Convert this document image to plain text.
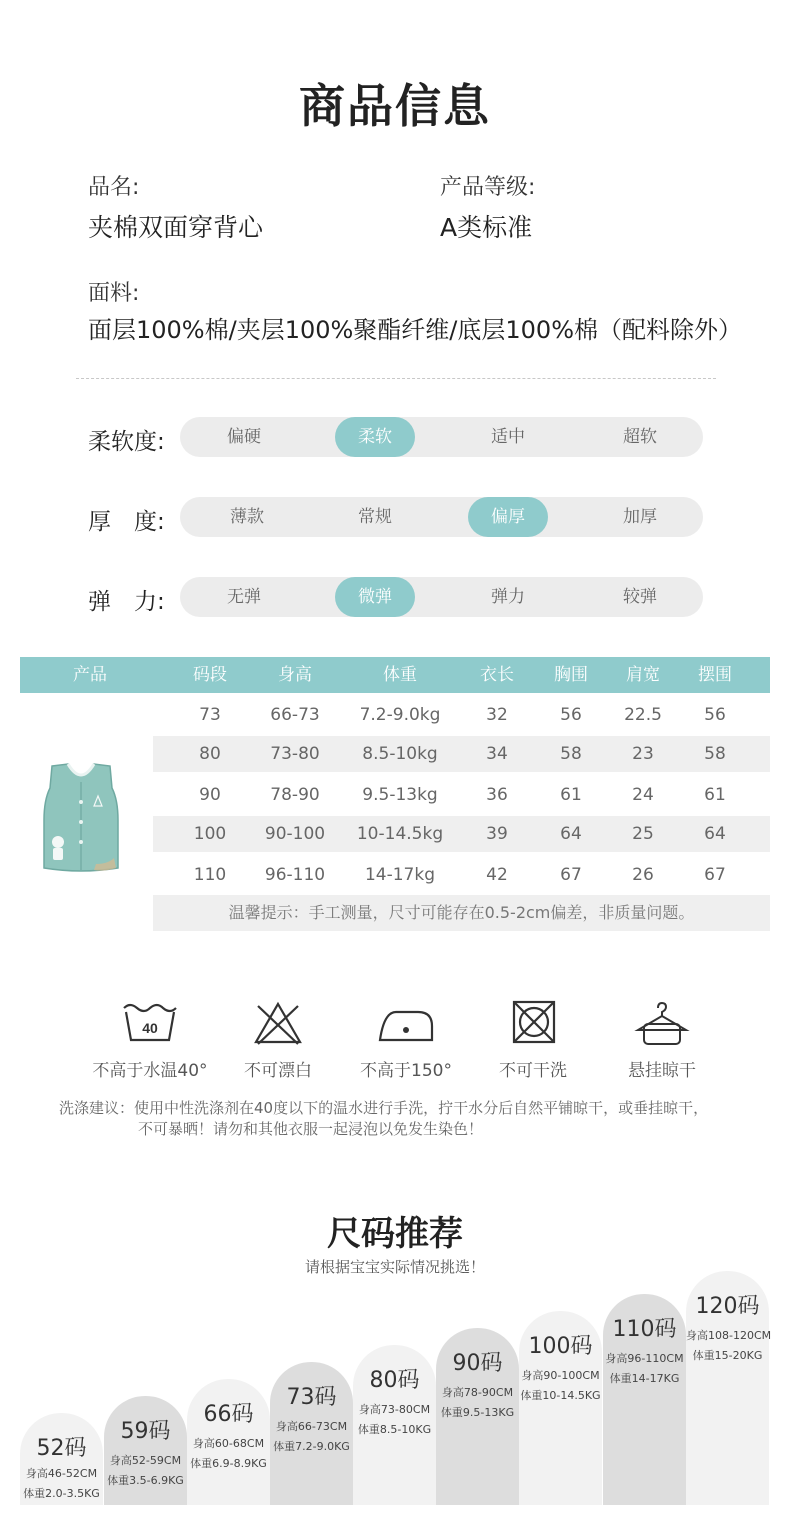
商品信息
品名:
夹棉双面穿背心
产品等级:
A类标准
面料:
面层100%棉/夹层100%聚酯纤维/底层100%棉（配料除外）
柔软度:	偏硬	柔软	适中	超软
厚　度:	薄款	常规	偏厚	加厚
弹　力:	无弹	微弹	弹力	较弹
产品	码段	身高	体重	衣长	胸围	肩宽	摆围
73	66-73	7.2-9.0kg	32	56	22.5	56
80	73-80	8.5-10kg	34	58	23	58
90	78-90	9.5-13kg	36	61	24	61
100	90-100	10-14.5kg	39	64	25	64
110	96-110	14-17kg	42	67	26	67
温馨提示：手工测量，尺寸可能存在0.5-2cm偏差，非质量问题。
40
不高于水温40°	不可漂白	不高于150°	不可干洗	悬挂晾干
洗涤建议：使用中性洗涤剂在40度以下的温水进行手洗，拧干水分后自然平铺晾干，或垂挂晾干，
不可暴晒！请勿和其他衣服一起浸泡以免发生染色！
尺码推荐
请根据宝宝实际情况挑选！
52码
身高46-52CM
体重2.0-3.5KG
59码
身高52-59CM
体重3.5-6.9KG
66码
身高60-68CM
体重6.9-8.9KG
73码
身高66-73CM
体重7.2-9.0KG
80码
身高73-80CM
体重8.5-10KG
90码
身高78-90CM
体重9.5-13KG
100码
身高90-100CM
体重10-14.5KG
110码
身高96-110CM
体重14-17KG
120码
身高108-120CM
体重15-20KG
